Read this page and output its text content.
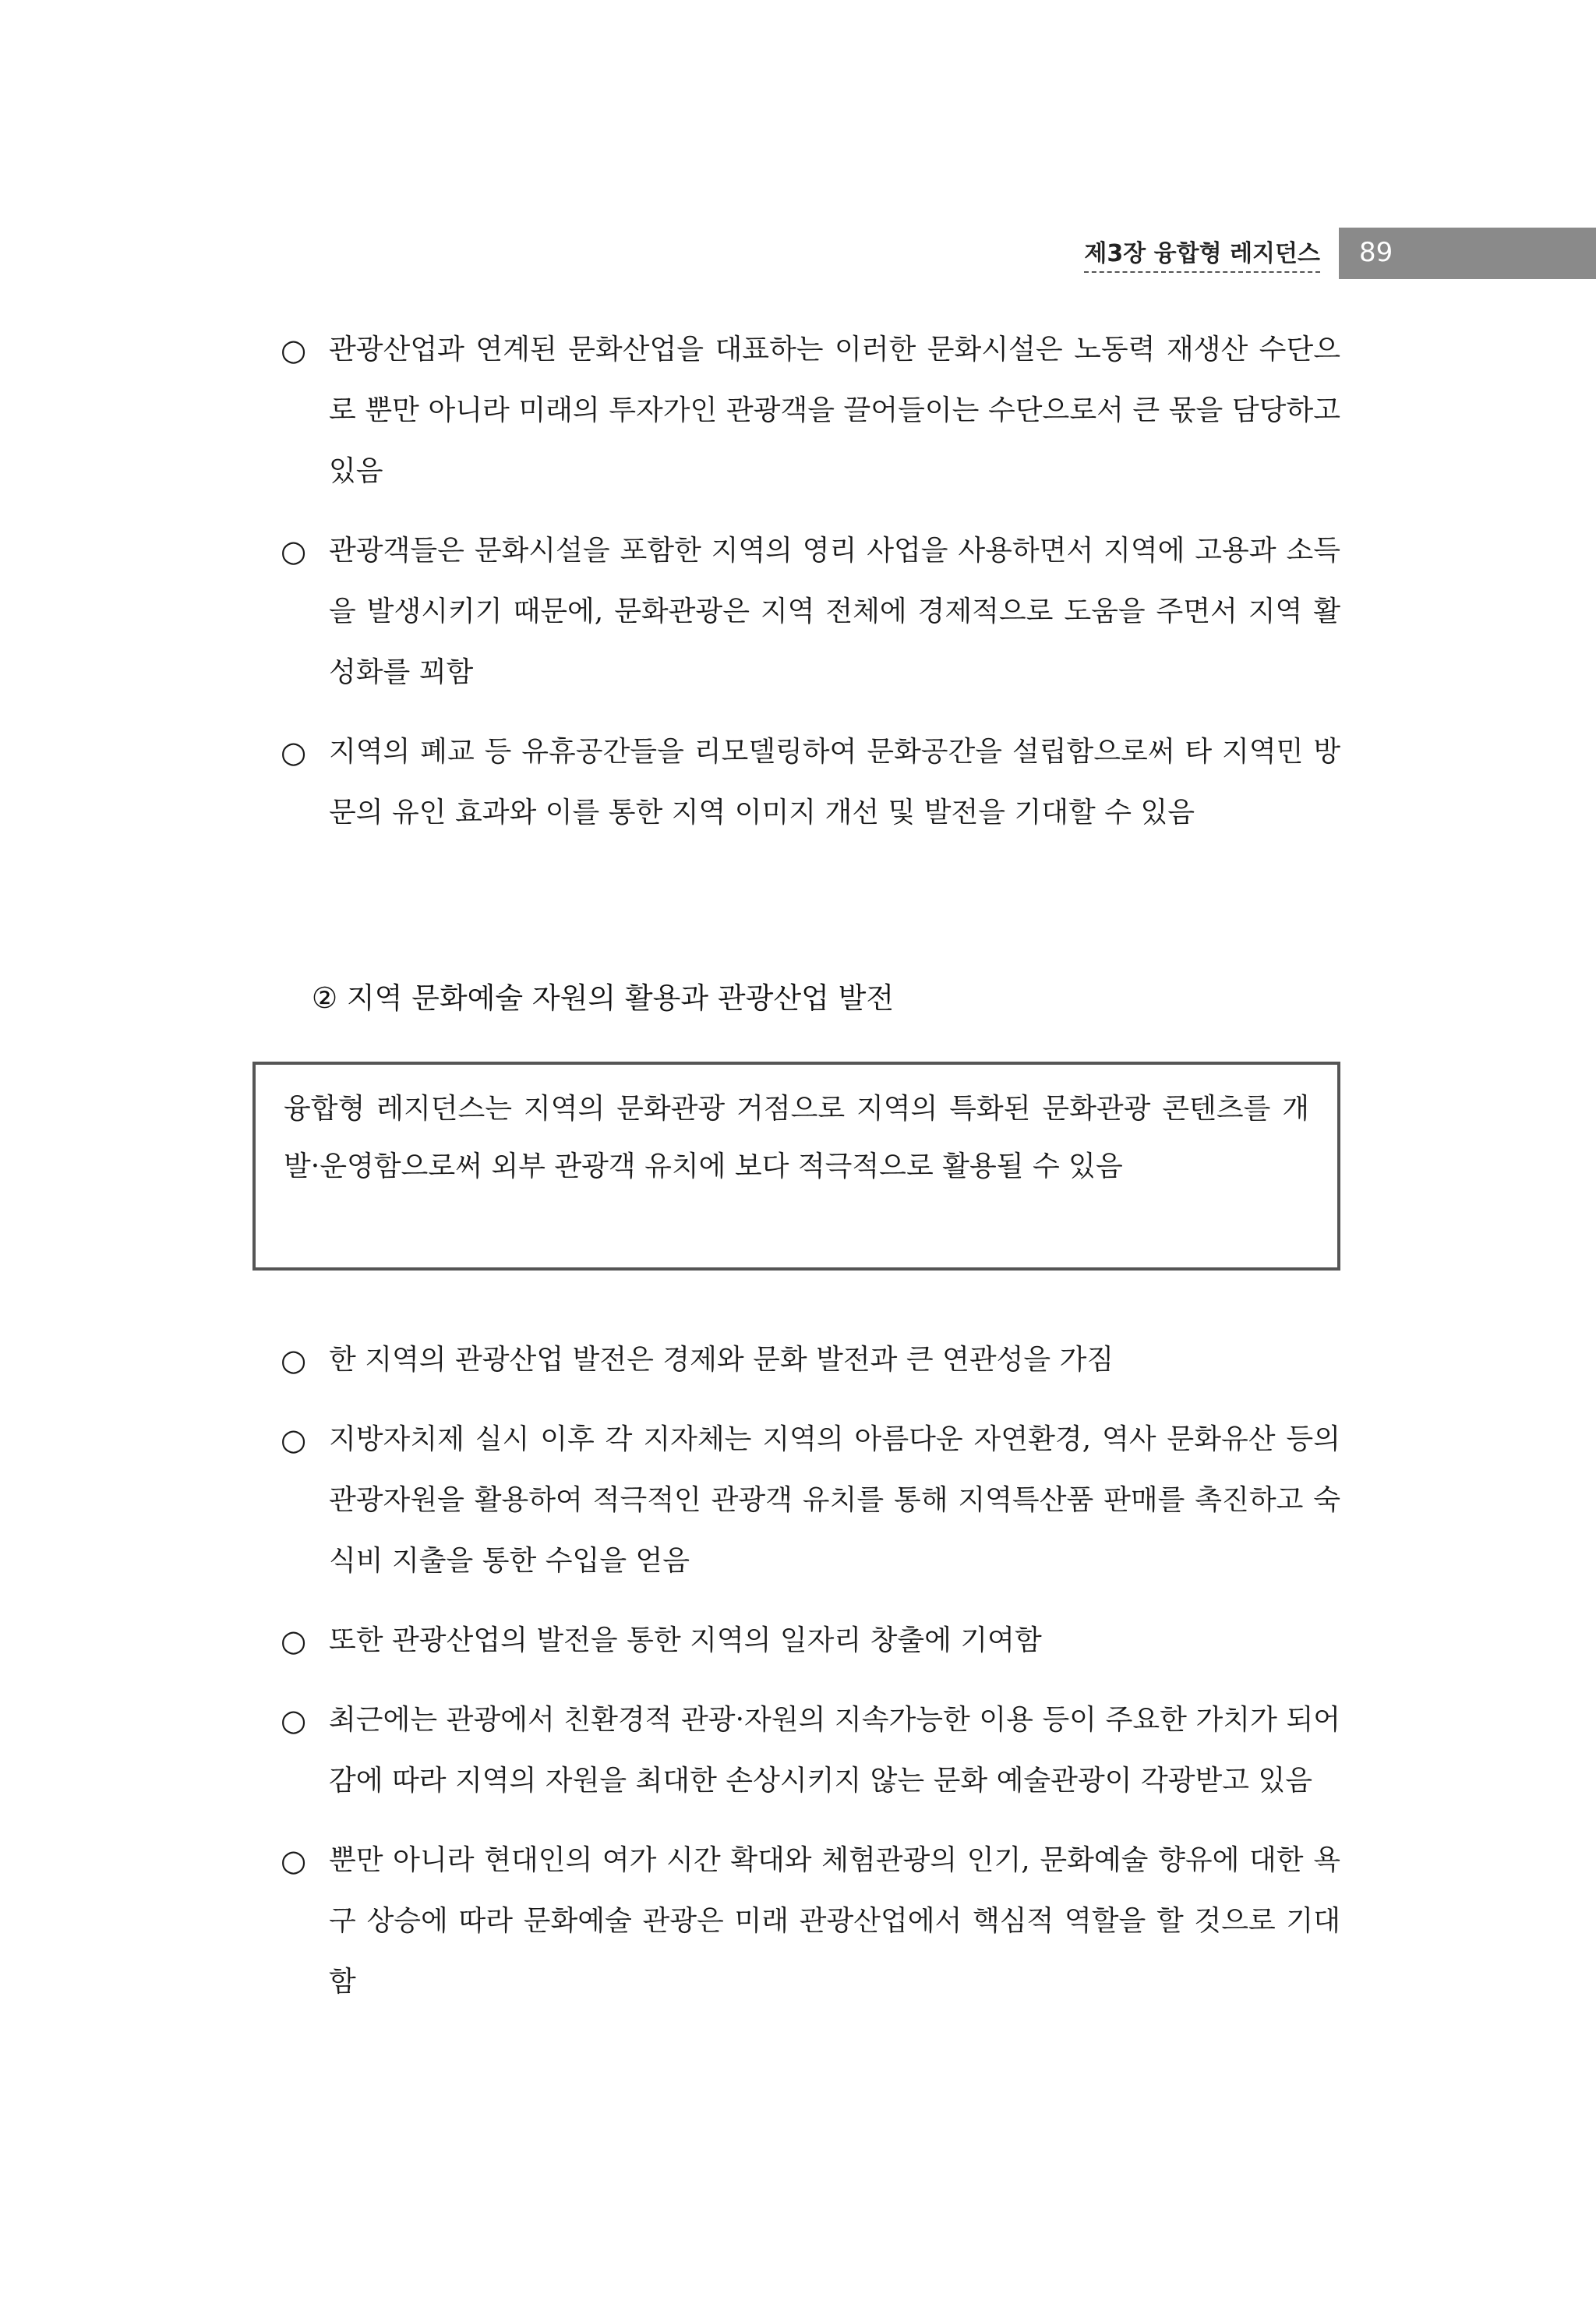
제3장 융합형 레지던스 89

○ 관광산업과 연계된 문화산업을 대표하는 이러한 문화시설은 노동력 재생산 수단으로 뿐만 아니라 미래의 투자가인 관광객을 끌어들이는 수단으로서 큰 몫을 담당하고 있음

○ 관광객들은 문화시설을 포함한 지역의 영리 사업을 사용하면서 지역에 고용과 소득을 발생시키기 때문에, 문화관광은 지역 전체에 경제적으로 도움을 주면서 지역 활성화를 꾀함

○ 지역의 폐교 등 유휴공간들을 리모델링하여 문화공간을 설립함으로써 타 지역민 방문의 유인 효과와 이를 통한 지역 이미지 개선 및 발전을 기대할 수 있음

② 지역 문화예술 자원의 활용과 관광산업 발전
융합형 레지던스는 지역의 문화관광 거점으로 지역의 특화된 문화관광 콘텐츠를 개발·운영함으로써 외부 관광객 유치에 보다 적극적으로 활용될 수 있음

○ 한 지역의 관광산업 발전은 경제와 문화 발전과 큰 연관성을 가짐

○ 지방자치제 실시 이후 각 지자체는 지역의 아름다운 자연환경, 역사 문화유산 등의 관광자원을 활용하여 적극적인 관광객 유치를 통해 지역특산품 판매를 촉진하고 숙식비 지출을 통한 수입을 얻음

○ 또한 관광산업의 발전을 통한 지역의 일자리 창출에 기여함

○ 최근에는 관광에서 친환경적 관광·자원의 지속가능한 이용 등이 주요한 가치가 되어감에 따라 지역의 자원을 최대한 손상시키지 않는 문화 예술관광이 각광받고 있음

○ 뿐만 아니라 현대인의 여가 시간 확대와 체험관광의 인기, 문화예술 향유에 대한 욕구 상승에 따라 문화예술 관광은 미래 관광산업에서 핵심적 역할을 할 것으로 기대함
